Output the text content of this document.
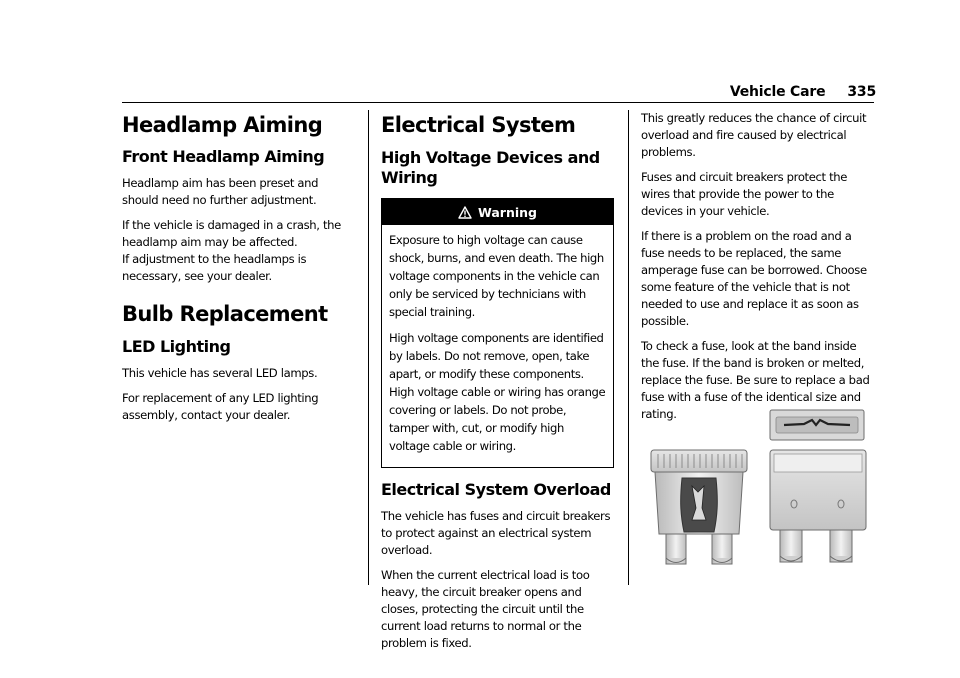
Vehicle Care 335
Headlamp Aiming
Front Headlamp Aiming

Headlamp aim has been preset and should need no further adjustment.

If the vehicle is damaged in a crash, the headlamp aim may be affected.
If adjustment to the headlamps is necessary, see your dealer.

Bulb Replacement
LED Lighting

This vehicle has several LED lamps.

For replacement of any LED lighting assembly, contact your dealer.

Electrical System
High Voltage Devices and Wiring
Warning

Exposure to high voltage can cause shock, burns, and even death. The high voltage components in the vehicle can only be serviced by technicians with special training.

High voltage components are identified by labels. Do not remove, open, take apart, or modify these components. High voltage cable or wiring has orange covering or labels. Do not probe, tamper with, cut, or modify high voltage cable or wiring.

Electrical System Overload

The vehicle has fuses and circuit breakers to protect against an electrical system overload.

When the current electrical load is too heavy, the circuit breaker opens and closes, protecting the circuit until the current load returns to normal or the problem is fixed.

This greatly reduces the chance of circuit overload and fire caused by electrical problems.

Fuses and circuit breakers protect the wires that provide the power to the devices in your vehicle.

If there is a problem on the road and a fuse needs to be replaced, the same amperage fuse can be borrowed. Choose some feature of the vehicle that is not needed to use and replace it as soon as possible.

To check a fuse, look at the band inside the fuse. If the band is broken or melted, replace the fuse. Be sure to replace a bad fuse with a fuse of the identical size and rating.
